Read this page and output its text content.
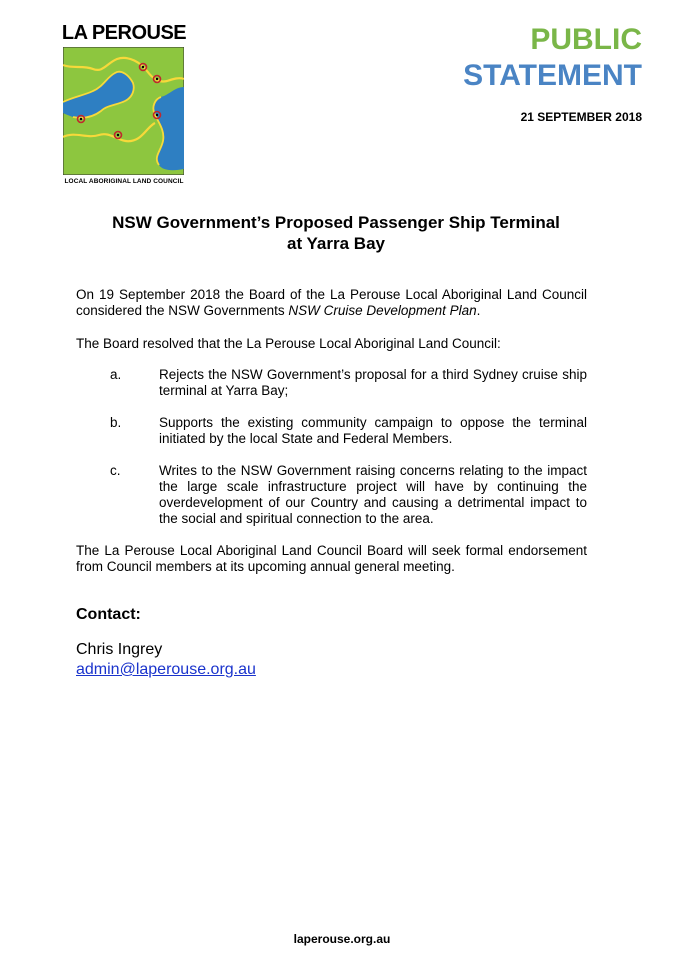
LA PEROUSE
LOCAL ABORIGINAL LAND COUNCIL
PUBLIC
STATEMENT
21 SEPTEMBER 2018
NSW Government’s Proposed Passenger Ship Terminal
at Yarra Bay
On 19 September 2018 the Board of the La Perouse Local Aboriginal Land Council considered the NSW Governments NSW Cruise Development Plan.
The Board resolved that the La Perouse Local Aboriginal Land Council:
a.	Rejects the NSW Government’s proposal for a third Sydney cruise ship terminal at Yarra Bay;
b.	Supports the existing community campaign to oppose the terminal initiated by the local State and Federal Members.
c.	Writes to the NSW Government raising concerns relating to the impact the large scale infrastructure project will have by continuing the overdevelopment of our Country and causing a detrimental impact to the social and spiritual connection to the area.
The La Perouse Local Aboriginal Land Council Board will seek formal endorsement from Council members at its upcoming annual general meeting.
Contact:
Chris Ingrey
admin@laperouse.org.au
laperouse.org.au
